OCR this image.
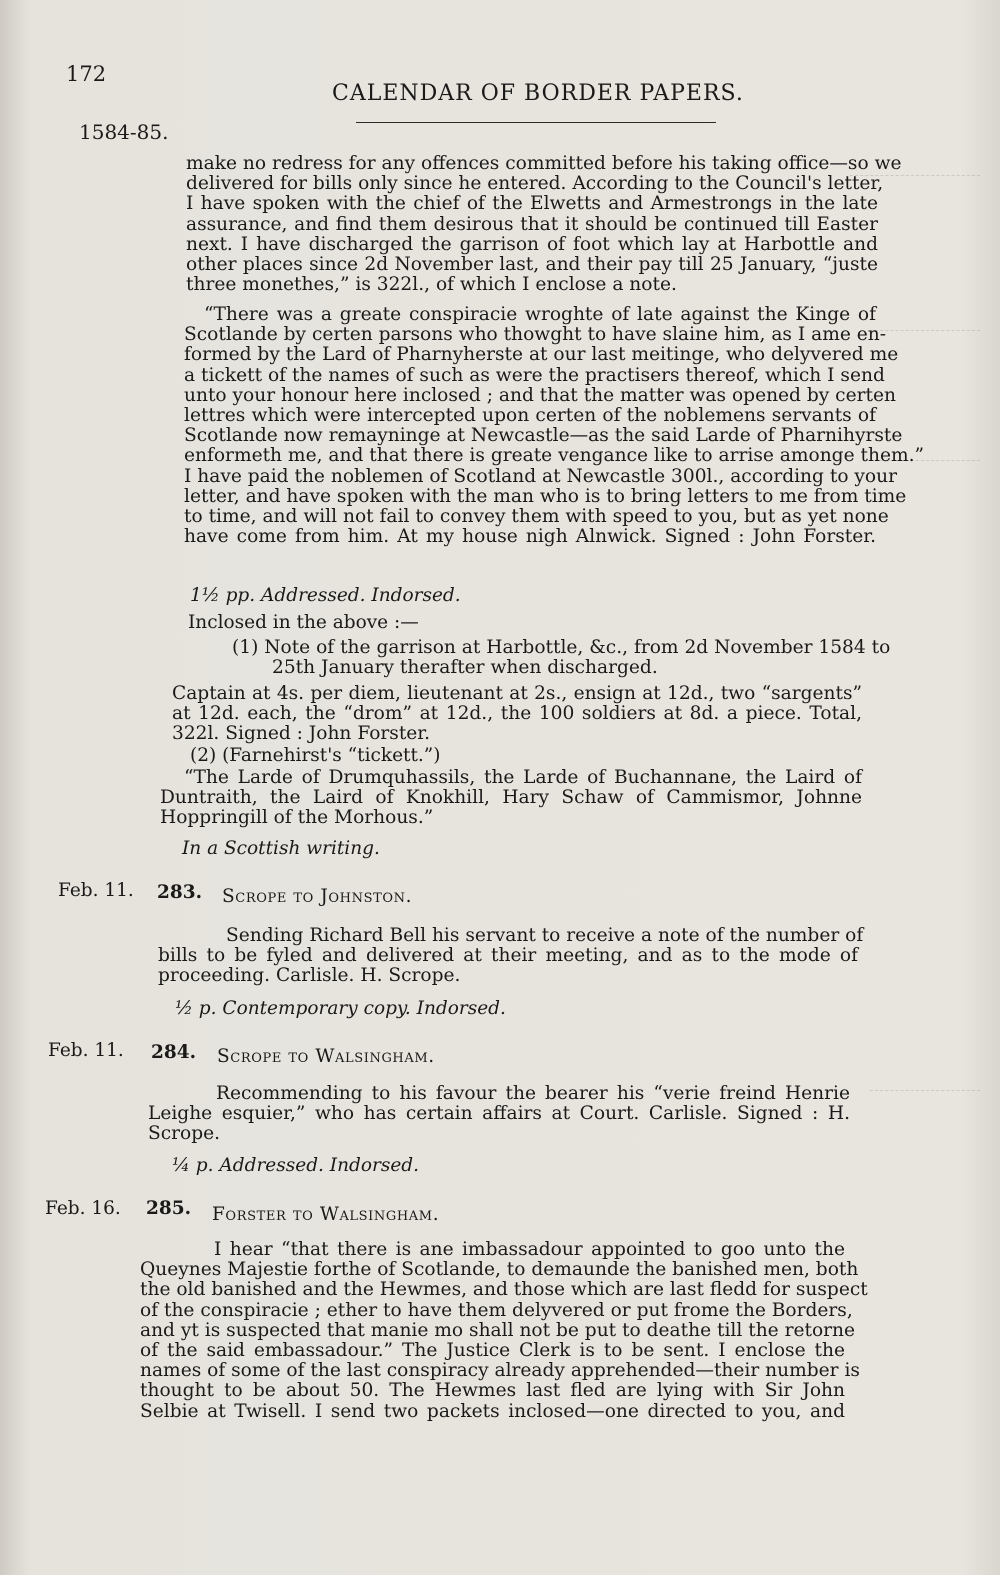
172
CALENDAR OF BORDER PAPERS.
1584-85.
make no redress for any offences committed before his taking office—so we
delivered for bills only since he entered. According to the Council's letter,
I have spoken with the chief of the Elwetts and Armestrongs in the late
assurance, and find them desirous that it should be continued till Easter
next. I have discharged the garrison of foot which lay at Harbottle and
other places since 2d November last, and their pay till 25 January, “juste
three monethes,” is 322l., of which I enclose a note.
“There was a greate conspiracie wroghte of late against the Kinge of
Scotlande by certen parsons who thowght to have slaine him, as I ame en-
formed by the Lard of Pharnyherste at our last meitinge, who delyvered me
a tickett of the names of such as were the practisers thereof, which I send
unto your honour here inclosed ; and that the matter was opened by certen
lettres which were intercepted upon certen of the noblemens servants of
Scotlande now remayninge at Newcastle—as the said Larde of Pharnihyrste
enformeth me, and that there is greate vengance like to arrise amonge them.”
I have paid the noblemen of Scotland at Newcastle 300l., according to your
letter, and have spoken with the man who is to bring letters to me from time
to time, and will not fail to convey them with speed to you, but as yet none
have come from him. At my house nigh Alnwick. Signed : John Forster.
1½ pp. Addressed. Indorsed.
Inclosed in the above :—
(1) Note of the garrison at Harbottle, &c., from 2d November 1584 to
25th January therafter when discharged.
Captain at 4s. per diem, lieutenant at 2s., ensign at 12d., two “sargents”
at 12d. each, the “drom” at 12d., the 100 soldiers at 8d. a piece. Total,
322l. Signed : John Forster.
(2) (Farnehirst's “tickett.”)
“The Larde of Drumquhassils, the Larde of Buchannane, the Laird of
Duntraith, the Laird of Knokhill, Hary Schaw of Cammismor, Johnne
Hoppringill of the Morhous.”
In a Scottish writing.
Feb. 11. 283. Scrope to Johnston.
Sending Richard Bell his servant to receive a note of the number of
bills to be fyled and delivered at their meeting, and as to the mode of
proceeding. Carlisle. H. Scrope.
½ p. Contemporary copy. Indorsed.
Feb. 11. 284. Scrope to Walsingham.
Recommending to his favour the bearer his “verie freind Henrie
Leighe esquier,” who has certain affairs at Court. Carlisle. Signed : H.
Scrope.
¼ p. Addressed. Indorsed.
Feb. 16. 285. Forster to Walsingham.
I hear “that there is ane imbassadour appointed to goo unto the
Queynes Majestie forthe of Scotlande, to demaunde the banished men, both
the old banished and the Hewmes, and those which are last fledd for suspect
of the conspiracie ; ether to have them delyvered or put frome the Borders,
and yt is suspected that manie mo shall not be put to deathe till the retorne
of the said embassadour.” The Justice Clerk is to be sent. I enclose the
names of some of the last conspiracy already apprehended—their number is
thought to be about 50. The Hewmes last fled are lying with Sir John
Selbie at Twisell. I send two packets inclosed—one directed to you, and
